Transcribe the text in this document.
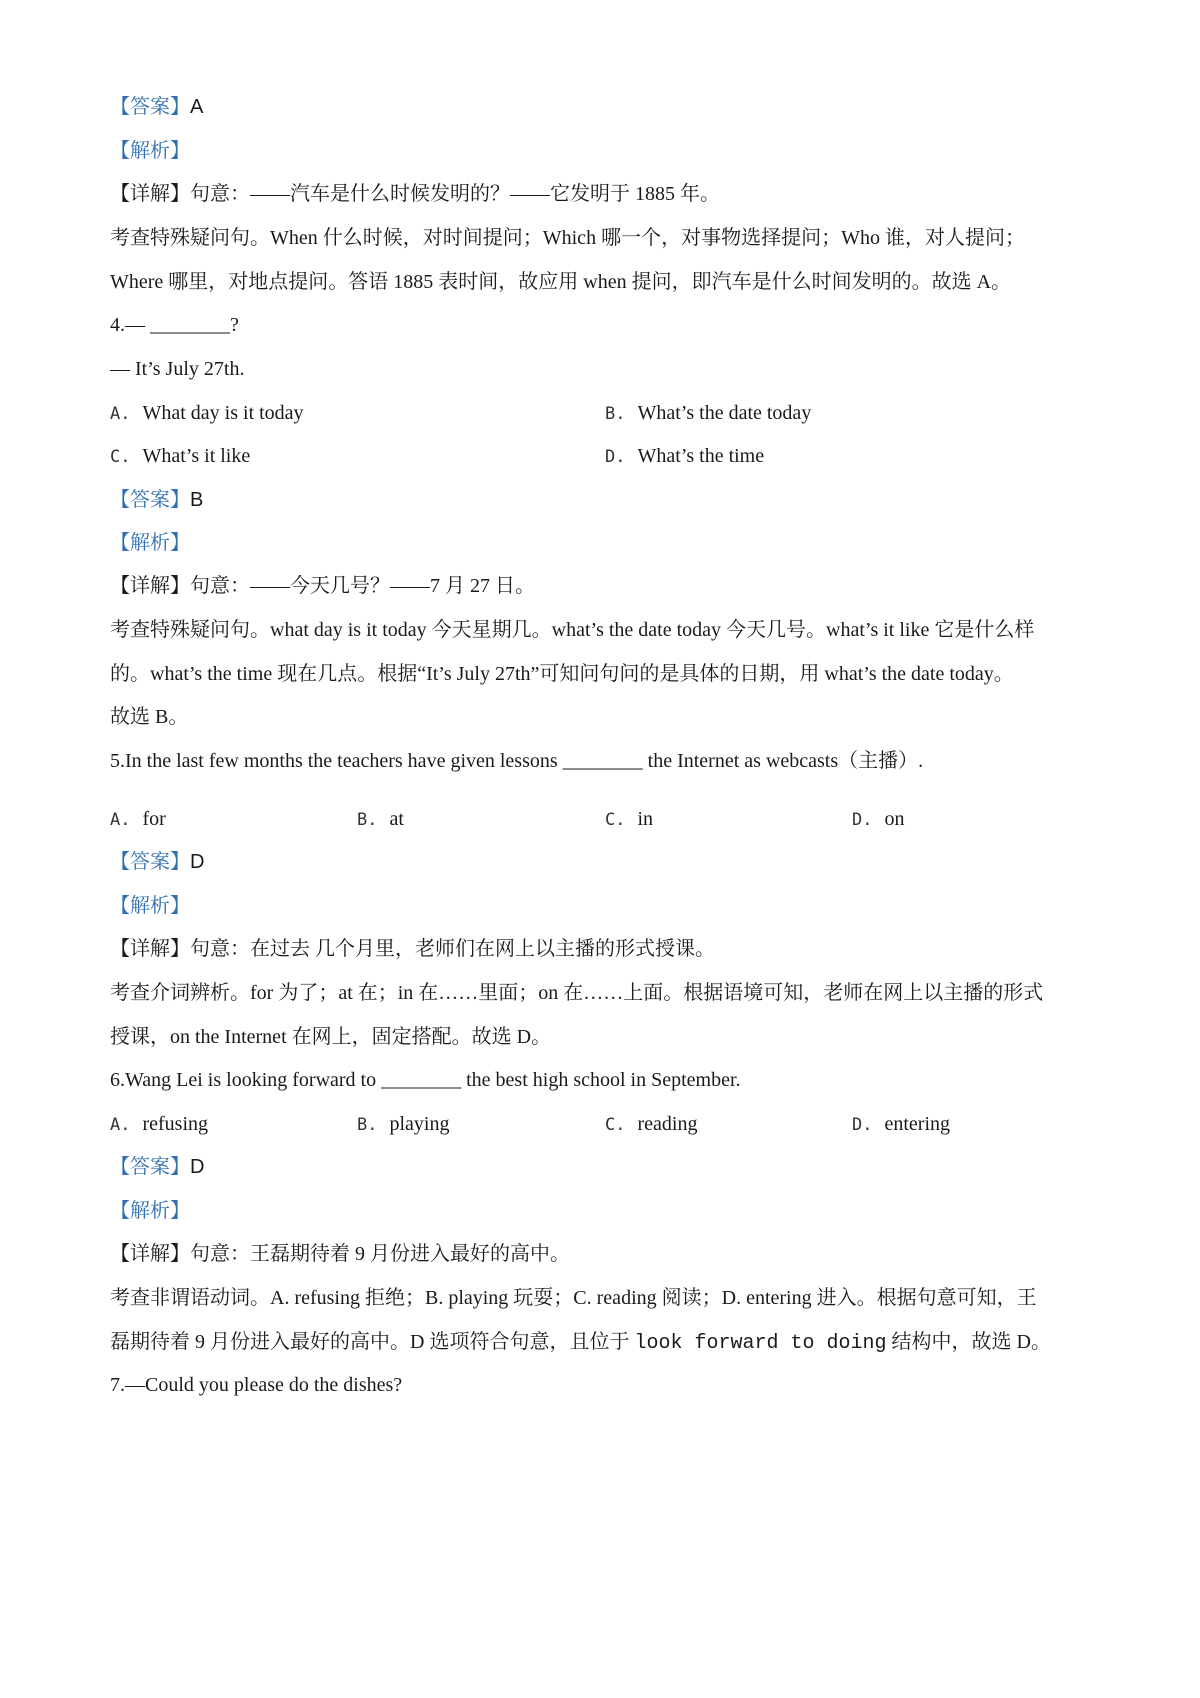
【答案】A
【解析】
【详解】句意：——汽车是什么时候发明的？——它发明于 1885 年。
考查特殊疑问句。When 什么时候，对时间提问；Which 哪一个，对事物选择提问；Who 谁，对人提问；
Where 哪里，对地点提问。答语 1885 表时间，故应用 when 提问，即汽车是什么时间发明的。故选 A。
4.— ________?
— It’s July 27th.
A. What day is it today	B. What’s the date today
C. What’s it like	D. What’s the time
【答案】B
【解析】
【详解】句意：——今天几号？——7 月 27 日。
考查特殊疑问句。what day is it today 今天星期几。what’s the date today 今天几号。what’s it like 它是什么样
的。what’s the time 现在几点。根据“It’s July 27th”可知问句问的是具体的日期，用 what’s the date today。
故选 B。
5.In the last few months the teachers have given lessons ________ the Internet as webcasts（主播）.
A. for	B. at	C. in	D. on
【答案】D
【解析】
【详解】句意：在过去 几个月里，老师们在网上以主播的形式授课。
考查介词辨析。for 为了；at 在；in 在……里面；on 在……上面。根据语境可知，老师在网上以主播的形式
授课，on the Internet 在网上，固定搭配。故选 D。
6.Wang Lei is looking forward to ________ the best high school in September.
A. refusing	B. playing	C. reading	D. entering
【答案】D
【解析】
【详解】句意：王磊期待着 9 月份进入最好的高中。
考查非谓语动词。A. refusing 拒绝；B. playing 玩耍；C. reading 阅读；D. entering 进入。根据句意可知，王
磊期待着 9 月份进入最好的高中。D 选项符合句意，且位于 look forward to doing 结构中，故选 D。
7.—Could you please do the dishes?
